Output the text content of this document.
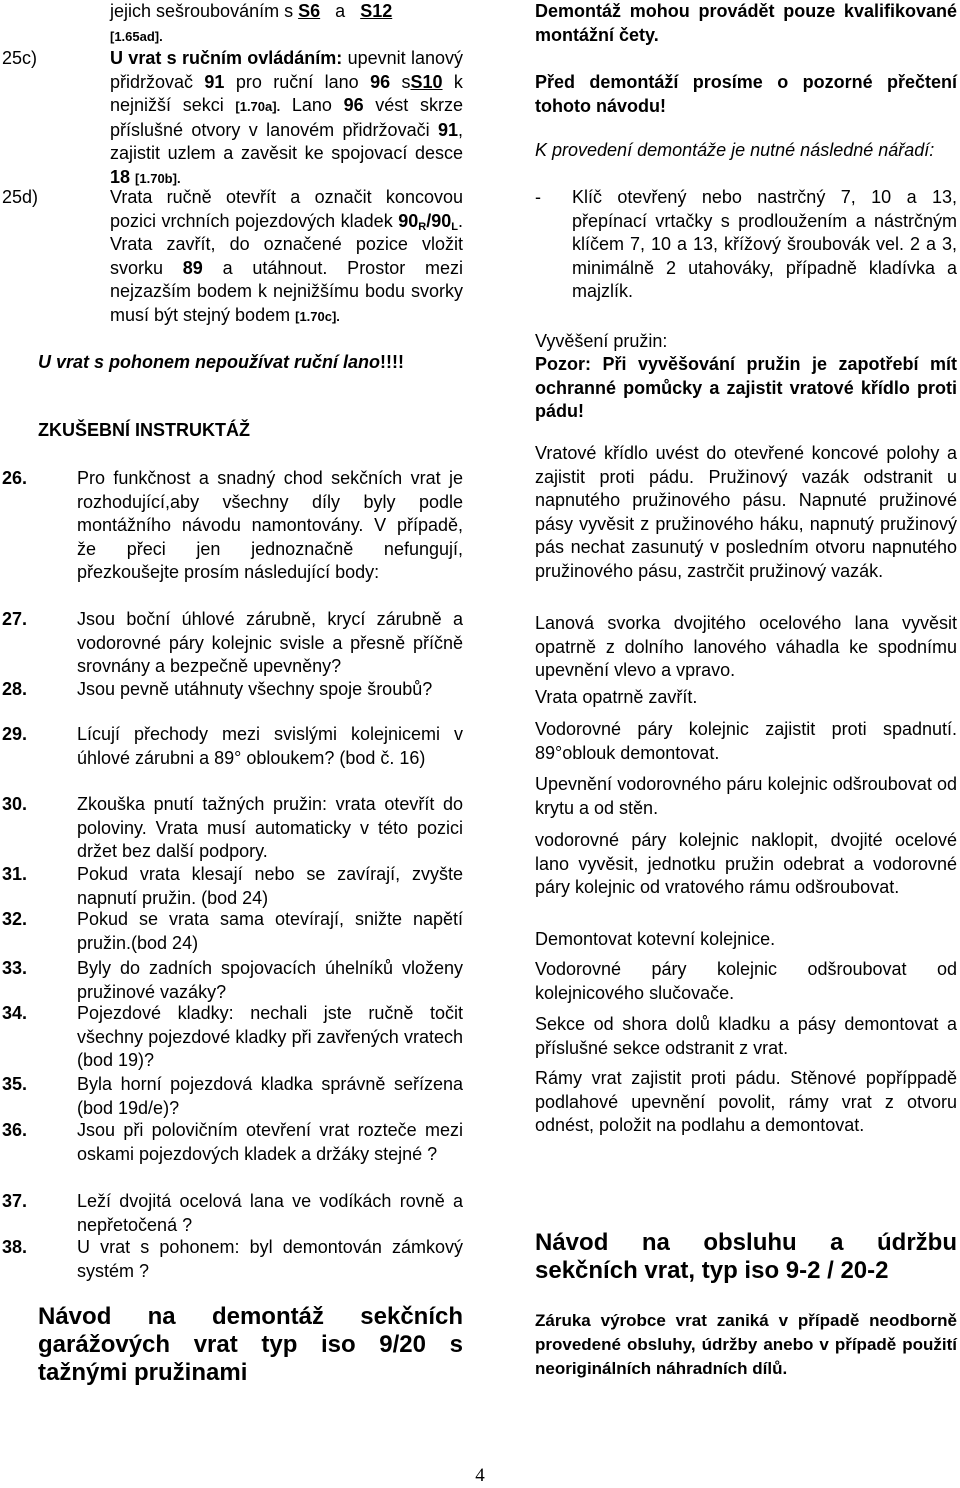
jejich sešroubováním s S6 a S12
[1.65ad].
25c)	U vrat s ručním ovládáním: upevnit lanový přidržovač 91 pro ruční lano 96 sS10 k nejnižší sekci [1.70a]. Lano 96 vést skrze příslušné otvory v lanovém přidržovači 91, zajistit uzlem a zavěsit ke spojovací desce 18 [1.70b].
25d)	Vrata ručně otevřít a označit koncovou pozici vrchních pojezdových kladek $90_R/90_L$. Vrata zavřít, do označené pozice vložit svorku 89 a utáhnout. Prostor mezi nejzazším bodem k nejnižšímu bodu svorky musí být stejný bodem [1.70c].
U vrat s pohonem nepoužívat ruční lano!!!!
ZKUŠEBNÍ INSTRUKTÁŽ
26.	Pro funkčnost a snadný chod sekčních vrat je rozhodující,aby všechny díly byly podle montážního návodu namontovány. V případě, že přeci jen jednoznačně nefungují, přezkoušejte prosím následující body:
27.	Jsou boční úhlové zárubně, krycí zárubně a vodorovné páry kolejnic svisle a přesně příčně srovnány a bezpečně upevněny?
28.	Jsou pevně utáhnuty všechny spoje šroubů?
29.	Lícují přechody mezi svislými kolejnicemi v úhlové zárubni a 89° obloukem? (bod č. 16)
30.	Zkouška pnutí tažných pružin: vrata otevřít do poloviny. Vrata musí automaticky v této pozici držet bez další podpory.
31.	Pokud vrata klesají nebo se zavírají, zvyšte napnutí pružin. (bod 24)
32.	Pokud se vrata sama otevírají, snižte napětí pružin.(bod 24)
33.	Byly do zadních spojovacích úhelníků vloženy pružinové vazáky?
34.	Pojezdové kladky: nechali jste ručně točit všechny pojezdové kladky při zavřených vratech (bod 19)?
35.	Byla horní pojezdová kladka správně seřízena (bod 19d/e)?
36.	Jsou při polovičním otevření vrat rozteče mezi oskami pojezdových kladek a držáky stejné ?
37.	Leží dvojitá ocelová lana ve vodíkách rovně a nepřetočená ?
38.	U vrat s pohonem: byl demontován zámkový systém ?
Návod na demontáž sekčních garážových vrat typ iso 9/20 s tažnými pružinami

Demontáž mohou provádět pouze kvalifikované montážní čety.

Před demontáží prosíme o pozorné přečtení tohoto návodu!

K provedení demontáže je nutné následné nářadí:

- Klíč otevřený nebo nastrčný 7, 10 a 13, přepínací vrtačky s prodloužením a nástrčným klíčem 7, 10 a 13, křížový šroubovák vel. 2 a 3, minimálně 2 utahováky, případně kladívka a majzlík.

Vyvěšení pružin:

Pozor: Při vyvěšování pružin je zapotřebí mít ochranné pomůcky a zajistit vratové křídlo proti pádu!

Vratové křídlo uvést do otevřené koncové polohy a zajistit proti pádu. Pružinový vazák odstranit u napnutého pružinového pásu. Napnuté pružinové pásy vyvěsit z pružinového háku, napnutý pružinový pás nechat zasunutý v posledním otvoru napnutého pružinového pásu, zastrčit pružinový vazák.

Lanová svorka dvojitého ocelového lana vyvěsit opatrně z dolního lanového váhadla ke spodnímu upevnění vlevo a vpravo.

Vrata opatrně zavřít.

Vodorovné páry kolejnic zajistit proti spadnutí. 89°oblouk demontovat.

Upevnění vodorovného páru kolejnic odšroubovat od krytu a od stěn.

vodorovné páry kolejnic naklopit, dvojité ocelové lano vyvěsit, jednotku pružin odebrat a vodorovné páry kolejnic od vratového rámu odšroubovat.

Demontovat kotevní kolejnice.

Vodorovné páry kolejnic odšroubovat od kolejnicového slučovače.

Sekce od shora dolů kladku a pásy demontovat a příslušné sekce odstranit z vrat.

Rámy vrat zajistit proti pádu. Stěnové popříppadě podlahové upevnění povolit, rámy vrat z otvoru odnést, položit na podlahu a demontovat.

Návod na obsluhu a údržbu sekčních vrat, typ iso 9-2 / 20-2

Záruka výrobce vrat zaniká v případě neodborně provedené obsluhy, údržby anebo v případě použití neoriginálních náhradních dílů.

4
